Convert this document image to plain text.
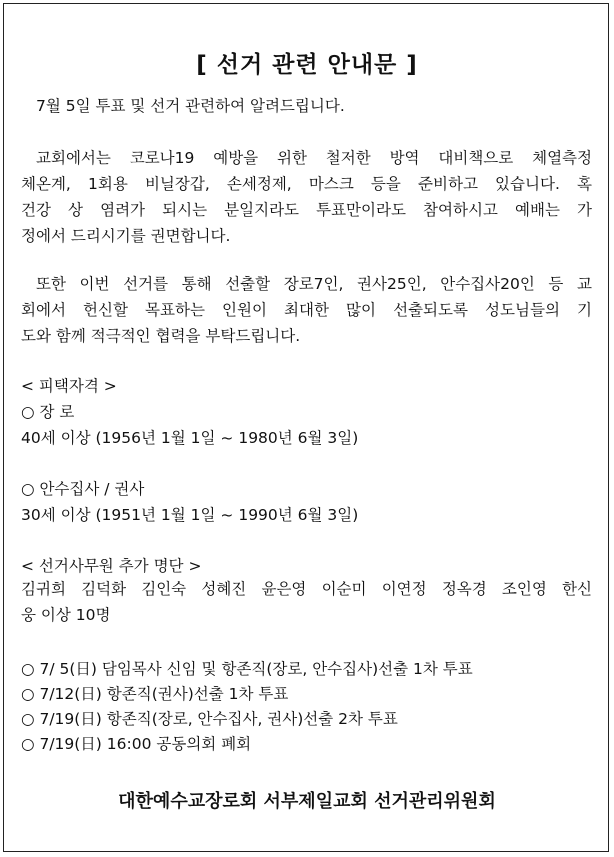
[ 선거 관련 안내문 ]
7월 5일 투표 및 선거 관련하여 알려드립니다.
교회에서는 코로나19 예방을 위한 철저한 방역 대비책으로 체열측정
체온계, 1회용 비닐장갑, 손세정제, 마스크 등을 준비하고 있습니다. 혹
건강 상 염려가 되시는 분일지라도 투표만이라도 참여하시고 예배는 가
정에서 드리시기를 권면합니다.
또한 이번 선거를 통해 선출할 장로7인, 권사25인, 안수집사20인 등 교
회에서 헌신할 목표하는 인원이 최대한 많이 선출되도록 성도님들의 기
도와 함께 적극적인 협력을 부탁드립니다.
< 피택자격 >
○ 장 로
40세 이상 (1956년 1월 1일 ~ 1980년 6월 3일)
○ 안수집사 / 권사
30세 이상 (1951년 1월 1일 ~ 1990년 6월 3일)
< 선거사무원 추가 명단 >
김귀희 김덕화 김인숙 성혜진 윤은영 이순미 이연정 정옥경 조인영 한신
웅 이상 10명
○ 7/ 5(日) 담임목사 신임 및 항존직(장로, 안수집사)선출 1차 투표
○ 7/12(日) 항존직(권사)선출 1차 투표
○ 7/19(日) 항존직(장로, 안수집사, 권사)선출 2차 투표
○ 7/19(日) 16:00 공동의회 폐회
대한예수교장로회 서부제일교회 선거관리위원회
